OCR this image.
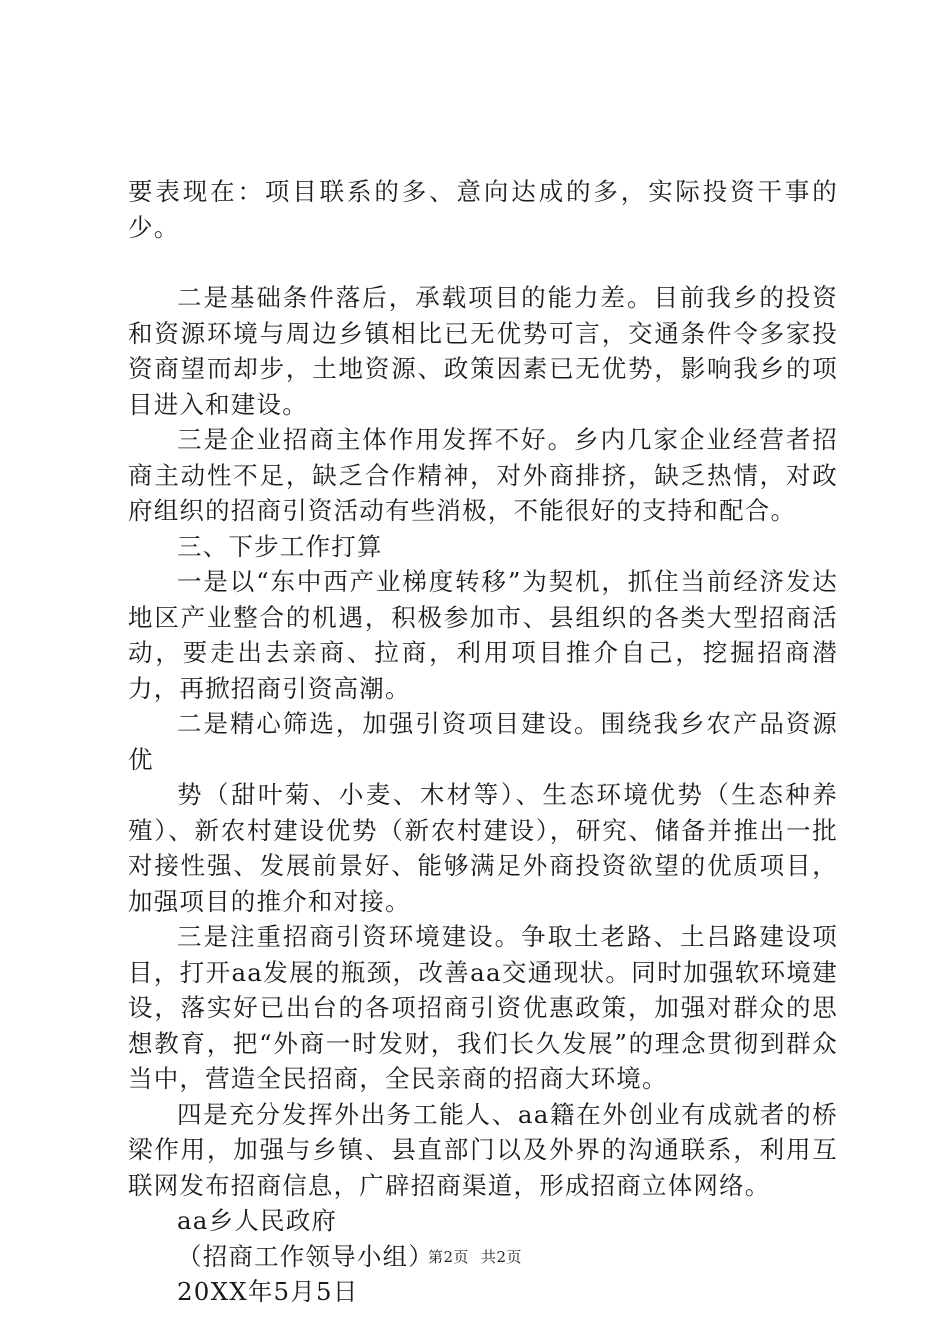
要表现在：项目联系的多、意向达成的多，实际投资干事的少。

二是基础条件落后，承载项目的能力差。目前我乡的投资和资源环境与周边乡镇相比已无优势可言，交通条件令多家投资商望而却步，土地资源、政策因素已无优势，影响我乡的项目进入和建设。

三是企业招商主体作用发挥不好。乡内几家企业经营者招商主动性不足，缺乏合作精神，对外商排挤，缺乏热情，对政府组织的招商引资活动有些消极，不能很好的支持和配合。

三、下步工作打算

一是以“东中西产业梯度转移”为契机，抓住当前经济发达地区产业整合的机遇，积极参加市、县组织的各类大型招商活动，要走出去亲商、拉商，利用项目推介自己，挖掘招商潜力，再掀招商引资高潮。

二是精心筛选，加强引资项目建设。围绕我乡农产品资源优

势（甜叶菊、小麦、木材等）、生态环境优势（生态种养殖）、新农村建设优势（新农村建设），研究、储备并推出一批对接性强、发展前景好、能够满足外商投资欲望的优质项目，加强项目的推介和对接。

三是注重招商引资环境建设。争取土老路、土吕路建设项目，打开aa发展的瓶颈，改善aa交通现状。同时加强软环境建设，落实好已出台的各项招商引资优惠政策，加强对群众的思想教育，把“外商一时发财，我们长久发展”的理念贯彻到群众当中，营造全民招商，全民亲商的招商大环境。

四是充分发挥外出务工能人、aa籍在外创业有成就者的桥梁作用，加强与乡镇、县直部门以及外界的沟通联系，利用互联网发布招商信息，广辟招商渠道，形成招商立体网络。

aa乡人民政府

（招商工作领导小组）

20XX年5月5日

第2页 共2页
